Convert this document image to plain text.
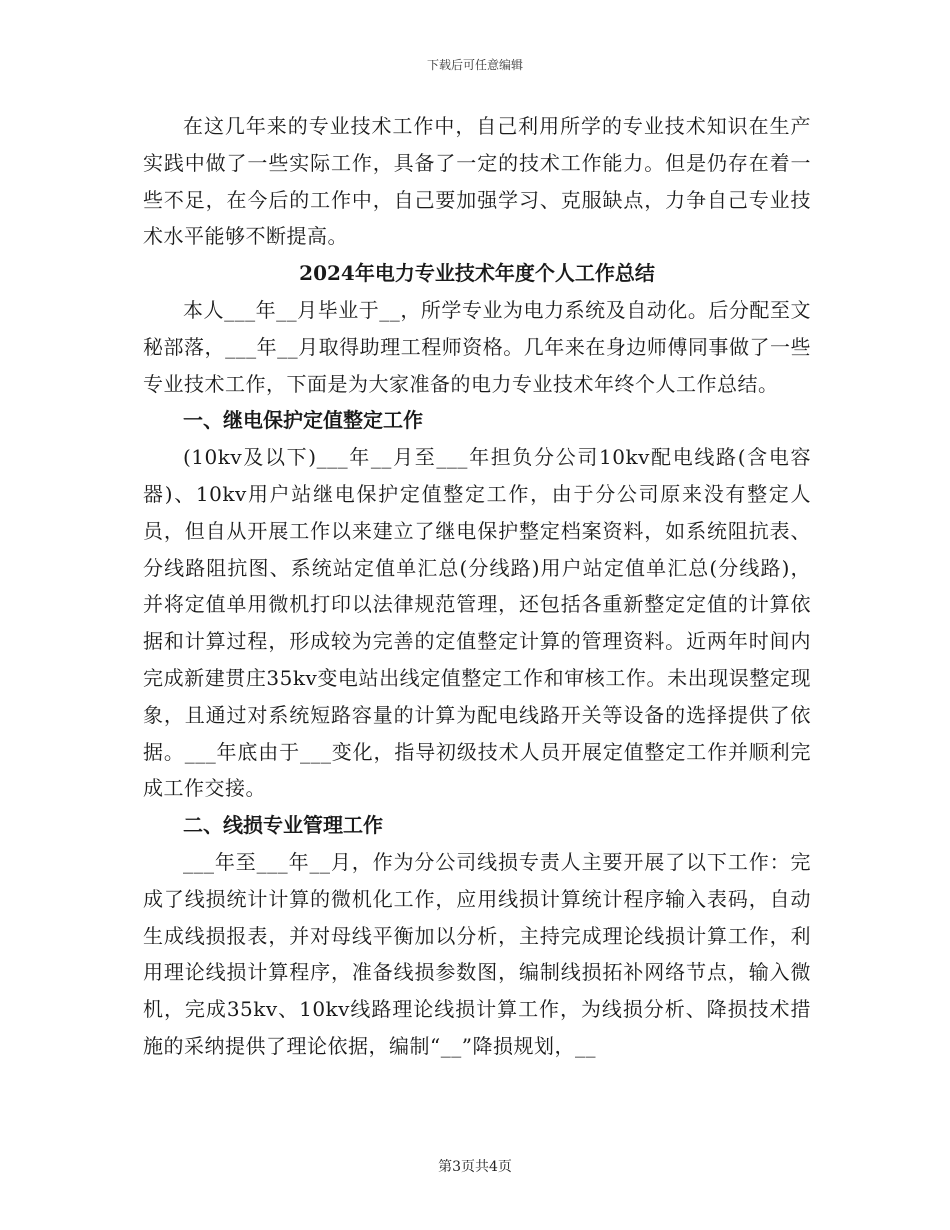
下载后可任意编辑

在这几年来的专业技术工作中，自己利用所学的专业技术知识在生产实践中做了一些实际工作，具备了一定的技术工作能力。但是仍存在着一些不足，在今后的工作中，自己要加强学习、克服缺点，力争自己专业技术水平能够不断提高。

2024年电力专业技术年度个人工作总结

本人___年__月毕业于__，所学专业为电力系统及自动化。后分配至文秘部落，___年__月取得助理工程师资格。几年来在身边师傅同事做了一些专业技术工作，下面是为大家准备的电力专业技术年终个人工作总结。

一、继电保护定值整定工作

(10kv及以下)___年__月至___年担负分公司10kv配电线路(含电容器)、10kv用户站继电保护定值整定工作，由于分公司原来没有整定人员，但自从开展工作以来建立了继电保护整定档案资料，如系统阻抗表、分线路阻抗图、系统站定值单汇总(分线路)用户站定值单汇总(分线路)，并将定值单用微机打印以法律规范管理，还包括各重新整定定值的计算依据和计算过程，形成较为完善的定值整定计算的管理资料。近两年时间内完成新建贯庄35kv变电站出线定值整定工作和审核工作。未出现误整定现象，且通过对系统短路容量的计算为配电线路开关等设备的选择提供了依据。___年底由于___变化，指导初级技术人员开展定值整定工作并顺利完成工作交接。

二、线损专业管理工作

___年至___年__月，作为分公司线损专责人主要开展了以下工作：完成了线损统计计算的微机化工作，应用线损计算统计程序输入表码，自动生成线损报表，并对母线平衡加以分析，主持完成理论线损计算工作，利用理论线损计算程序，准备线损参数图，编制线损拓补网络节点，输入微机，完成35kv、10kv线路理论线损计算工作，为线损分析、降损技术措施的采纳提供了理论依据，编制“__”降损规划，__

第3页共4页
